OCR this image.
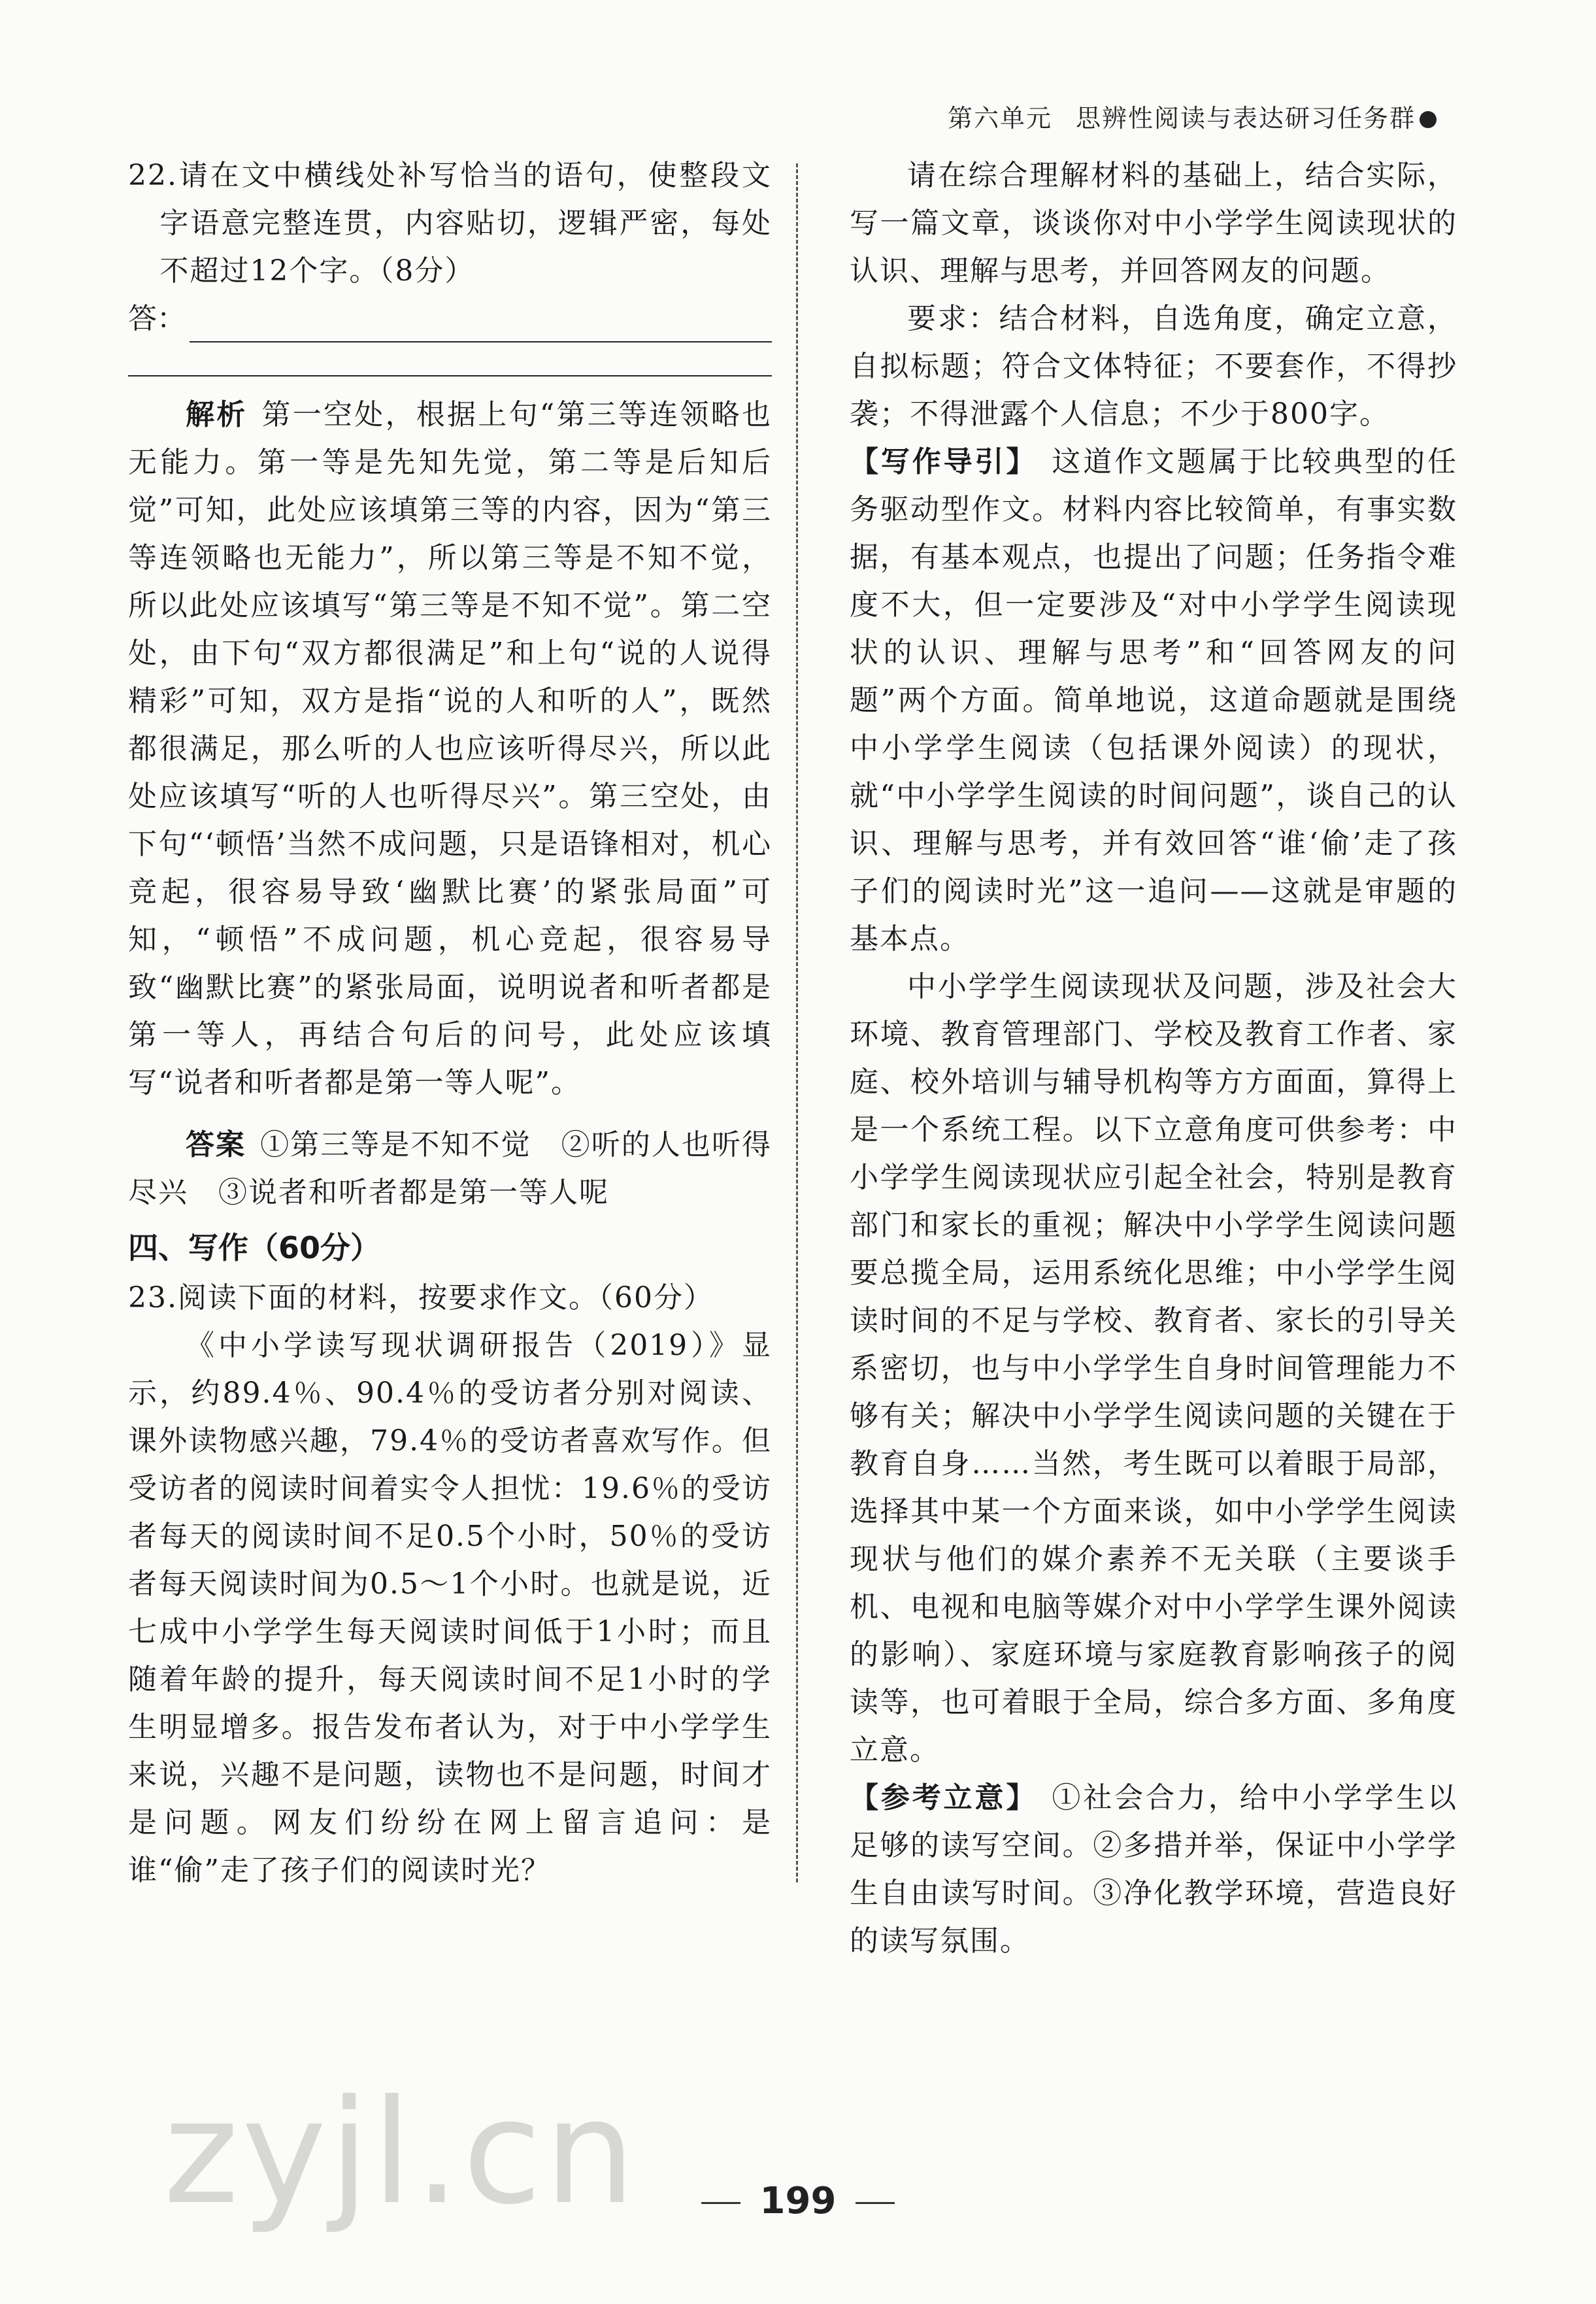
第六单元 思辨性阅读与表达研习任务群

22.请在文中横线处补写恰当的语句，使整段文字语意完整连贯，内容贴切，逻辑严密，每处不超过12个字。（8分）

答：

解析 第一空处，根据上句“第三等连领略也无能力。第一等是先知先觉，第二等是后知后觉”可知，此处应该填第三等的内容，因为“第三等连领略也无能力”，所以第三等是不知不觉，所以此处应该填写“第三等是不知不觉”。第二空处，由下句“双方都很满足”和上句“说的人说得精彩”可知，双方是指“说的人和听的人”，既然都很满足，那么听的人也应该听得尽兴，所以此处应该填写“听的人也听得尽兴”。第三空处，由下句“‘顿悟’当然不成问题，只是语锋相对，机心竞起，很容易导致‘幽默比赛’的紧张局面”可知，“顿悟”不成问题，机心竞起，很容易导致“幽默比赛”的紧张局面，说明说者和听者都是第一等人，再结合句后的问号，此处应该填写“说者和听者都是第一等人呢”。

答案 ①第三等是不知不觉　②听的人也听得尽兴　③说者和听者都是第一等人呢

四、写作（60分）

23.阅读下面的材料，按要求作文。（60分）

《中小学读写现状调研报告（2019）》显示，约89.4％、90.4％的受访者分别对阅读、课外读物感兴趣，79.4％的受访者喜欢写作。但受访者的阅读时间着实令人担忧：19.6％的受访者每天的阅读时间不足0.5个小时，50％的受访者每天阅读时间为0.5～1个小时。也就是说，近七成中小学学生每天阅读时间低于1小时；而且随着年龄的提升，每天阅读时间不足1小时的学生明显增多。报告发布者认为，对于中小学学生来说，兴趣不是问题，读物也不是问题，时间才是问题。网友们纷纷在网上留言追问：是谁“偷”走了孩子们的阅读时光？

请在综合理解材料的基础上，结合实际，写一篇文章，谈谈你对中小学学生阅读现状的认识、理解与思考，并回答网友的问题。

要求：结合材料，自选角度，确定立意，自拟标题；符合文体特征；不要套作，不得抄袭；不得泄露个人信息；不少于800字。

【写作导引】 这道作文题属于比较典型的任务驱动型作文。材料内容比较简单，有事实数据，有基本观点，也提出了问题；任务指令难度不大，但一定要涉及“对中小学学生阅读现状的认识、理解与思考”和“回答网友的问题”两个方面。简单地说，这道命题就是围绕中小学学生阅读（包括课外阅读）的现状，就“中小学学生阅读的时间问题”，谈自己的认识、理解与思考，并有效回答“谁‘偷’走了孩子们的阅读时光”这一追问——这就是审题的基本点。

中小学学生阅读现状及问题，涉及社会大环境、教育管理部门、学校及教育工作者、家庭、校外培训与辅导机构等方方面面，算得上是一个系统工程。以下立意角度可供参考：中小学学生阅读现状应引起全社会，特别是教育部门和家长的重视；解决中小学学生阅读问题要总揽全局，运用系统化思维；中小学学生阅读时间的不足与学校、教育者、家长的引导关系密切，也与中小学学生自身时间管理能力不够有关；解决中小学学生阅读问题的关键在于教育自身……当然，考生既可以着眼于局部，选择其中某一个方面来谈，如中小学学生阅读现状与他们的媒介素养不无关联（主要谈手机、电视和电脑等媒介对中小学学生课外阅读的影响）、家庭环境与家庭教育影响孩子的阅读等，也可着眼于全局，综合多方面、多角度立意。

【参考立意】 ①社会合力，给中小学学生以足够的读写空间。②多措并举，保证中小学学生自由读写时间。③净化教学环境，营造良好的读写氛围。

zyjl.cn	199
